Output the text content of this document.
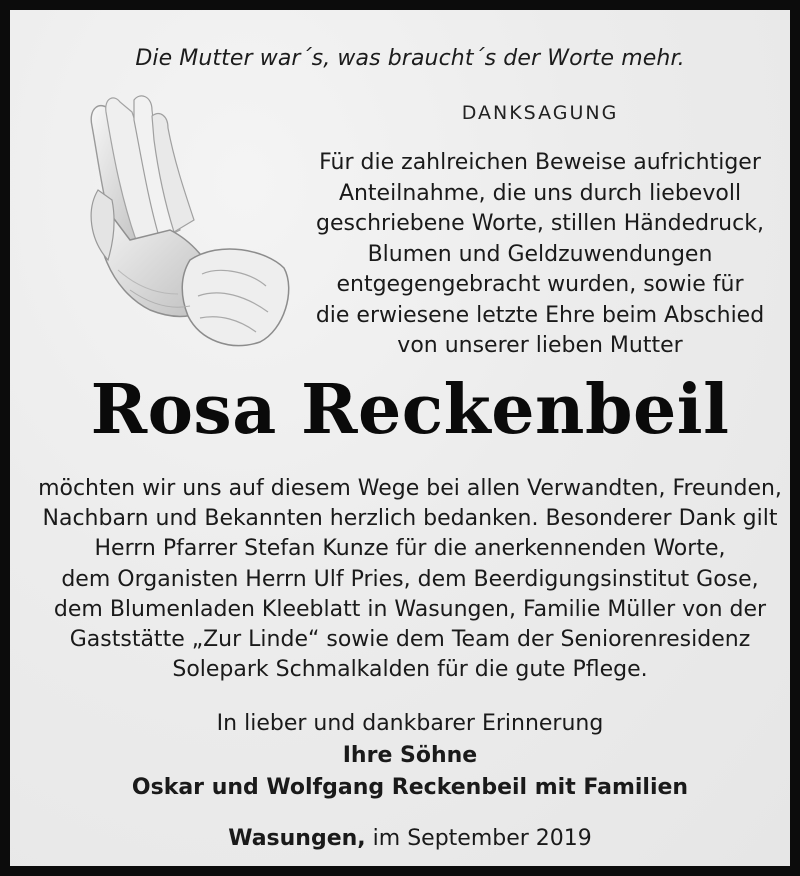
Die Mutter war´s, was braucht´s der Worte mehr.
DANKSAGUNG
Für die zahlreichen Beweise aufrichtiger
Anteilnahme, die uns durch liebevoll
geschriebene Worte, stillen Händedruck,
Blumen und Geldzuwendungen
entgegengebracht wurden, sowie für
die erwiesene letzte Ehre beim Abschied
von unserer lieben Mutter
Rosa Reckenbeil
möchten wir uns auf diesem Wege bei allen Verwandten, Freunden,
Nachbarn und Bekannten herzlich bedanken. Besonderer Dank gilt
Herrn Pfarrer Stefan Kunze für die anerkennenden Worte,
dem Organisten Herrn Ulf Pries, dem Beerdigungsinstitut Gose,
dem Blumenladen Kleeblatt in Wasungen, Familie Müller von der
Gaststätte „Zur Linde“ sowie dem Team der Seniorenresidenz
Solepark Schmalkalden für die gute Pflege.
In lieber und dankbarer Erinnerung
Ihre Söhne
Oskar und Wolfgang Reckenbeil mit Familien
Wasungen, im September 2019
